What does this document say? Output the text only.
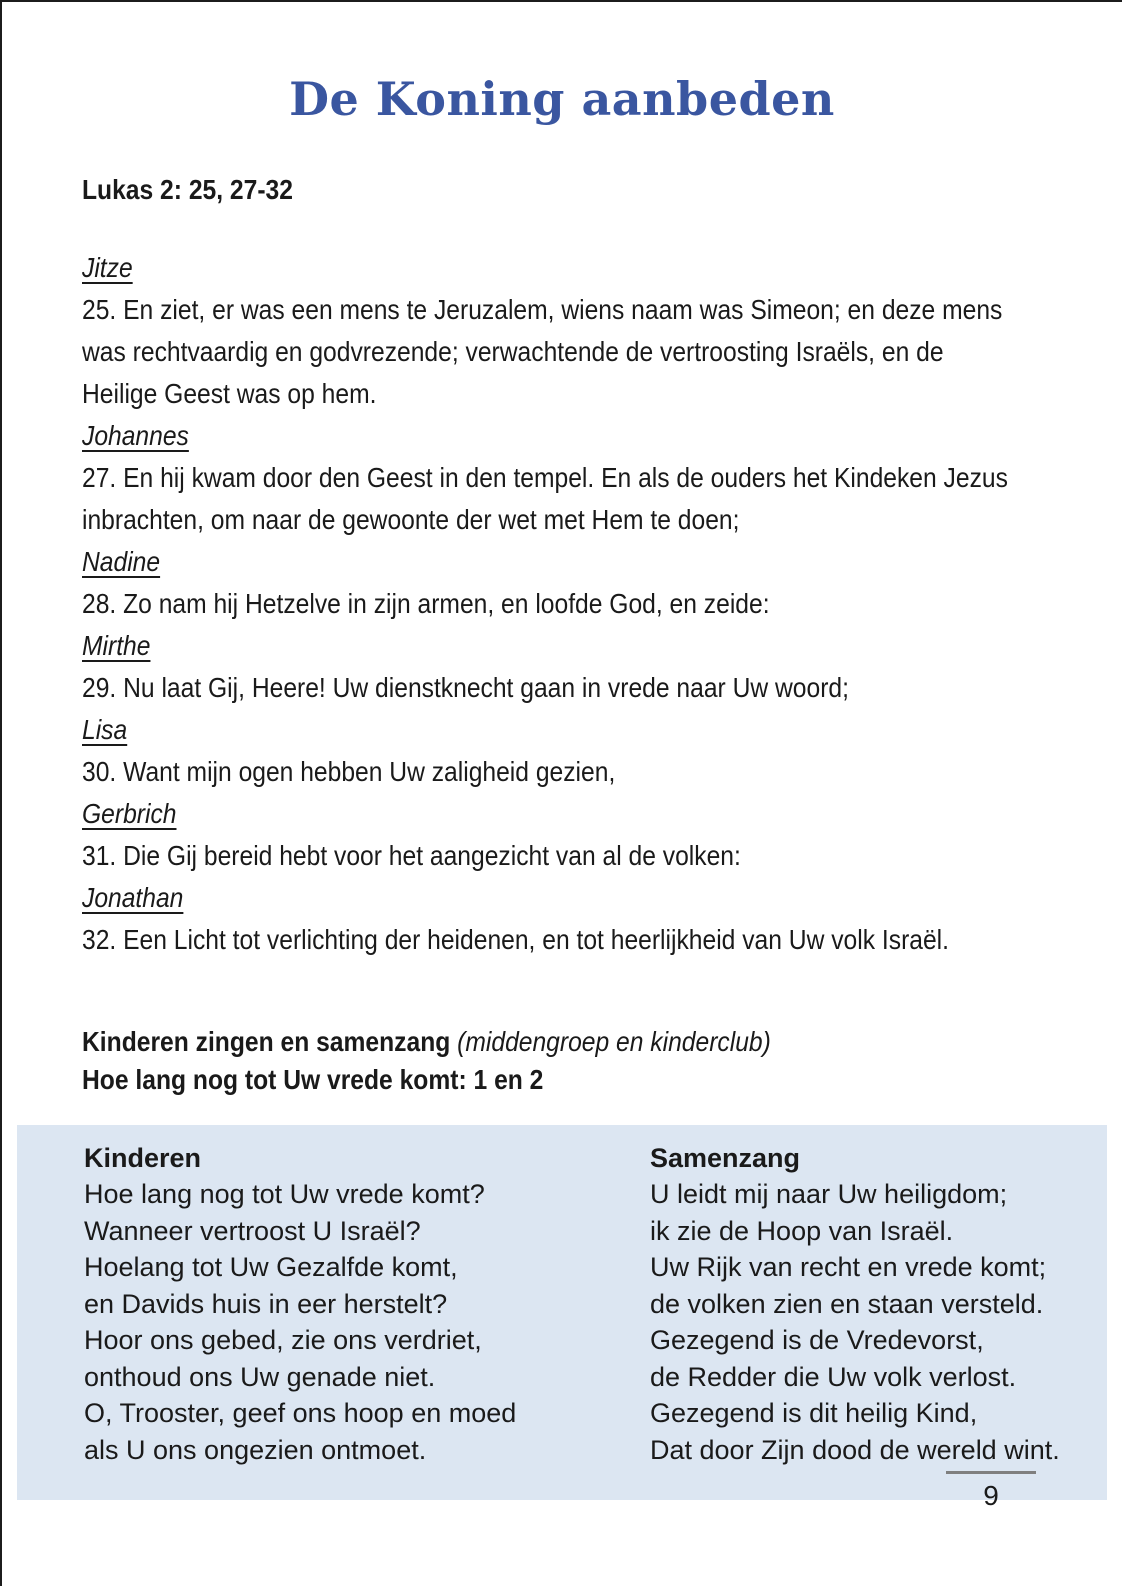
De Koning aanbeden
Lukas 2: 25, 27-32
Jitze
25. En ziet, er was een mens te Jeruzalem, wiens naam was Simeon; en deze mens
was rechtvaardig en godvrezende; verwachtende de vertroosting Israëls, en de
Heilige Geest was op hem.
Johannes
27. En hij kwam door den Geest in den tempel. En als de ouders het Kindeken Jezus
inbrachten, om naar de gewoonte der wet met Hem te doen;
Nadine
28. Zo nam hij Hetzelve in zijn armen, en loofde God, en zeide:
Mirthe
29. Nu laat Gij, Heere! Uw dienstknecht gaan in vrede naar Uw woord;
Lisa
30. Want mijn ogen hebben Uw zaligheid gezien,
Gerbrich
31. Die Gij bereid hebt voor het aangezicht van al de volken:
Jonathan
32. Een Licht tot verlichting der heidenen, en tot heerlijkheid van Uw volk Israël.
Kinderen zingen en samenzang (middengroep en kinderclub)
Hoe lang nog tot Uw vrede komt: 1 en 2
Kinderen
Hoe lang nog tot Uw vrede komt?
Wanneer vertroost U Israël?
Hoelang tot Uw Gezalfde komt,
en Davids huis in eer herstelt?
Hoor ons gebed, zie ons verdriet,
onthoud ons Uw genade niet.
O, Trooster, geef ons hoop en moed
als U ons ongezien ontmoet.
Samenzang
U leidt mij naar Uw heiligdom;
ik zie de Hoop van Israël.
Uw Rijk van recht en vrede komt;
de volken zien en staan versteld.
Gezegend is de Vredevorst,
de Redder die Uw volk verlost.
Gezegend is dit heilig Kind,
Dat door Zijn dood de wereld wint.
9
